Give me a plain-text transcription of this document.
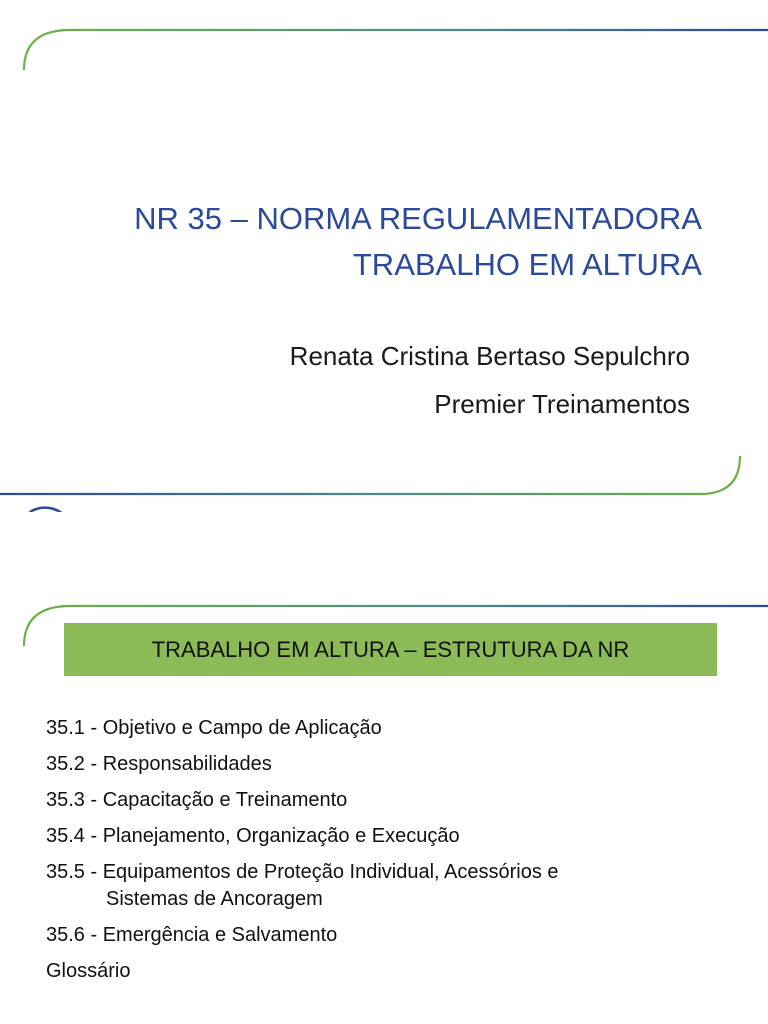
NR 35 – NORMA REGULAMENTADORA
TRABALHO EM ALTURA
Renata Cristina Bertaso Sepulchro
Premier Treinamentos
TRABALHO EM ALTURA – ESTRUTURA DA NR
35.1 - Objetivo e Campo de Aplicação
35.2 - Responsabilidades
35.3 - Capacitação e Treinamento
35.4 - Planejamento, Organização e Execução
35.5 - Equipamentos de Proteção Individual, Acessórios e
Sistemas de Ancoragem
35.6 - Emergência e Salvamento
Glossário
